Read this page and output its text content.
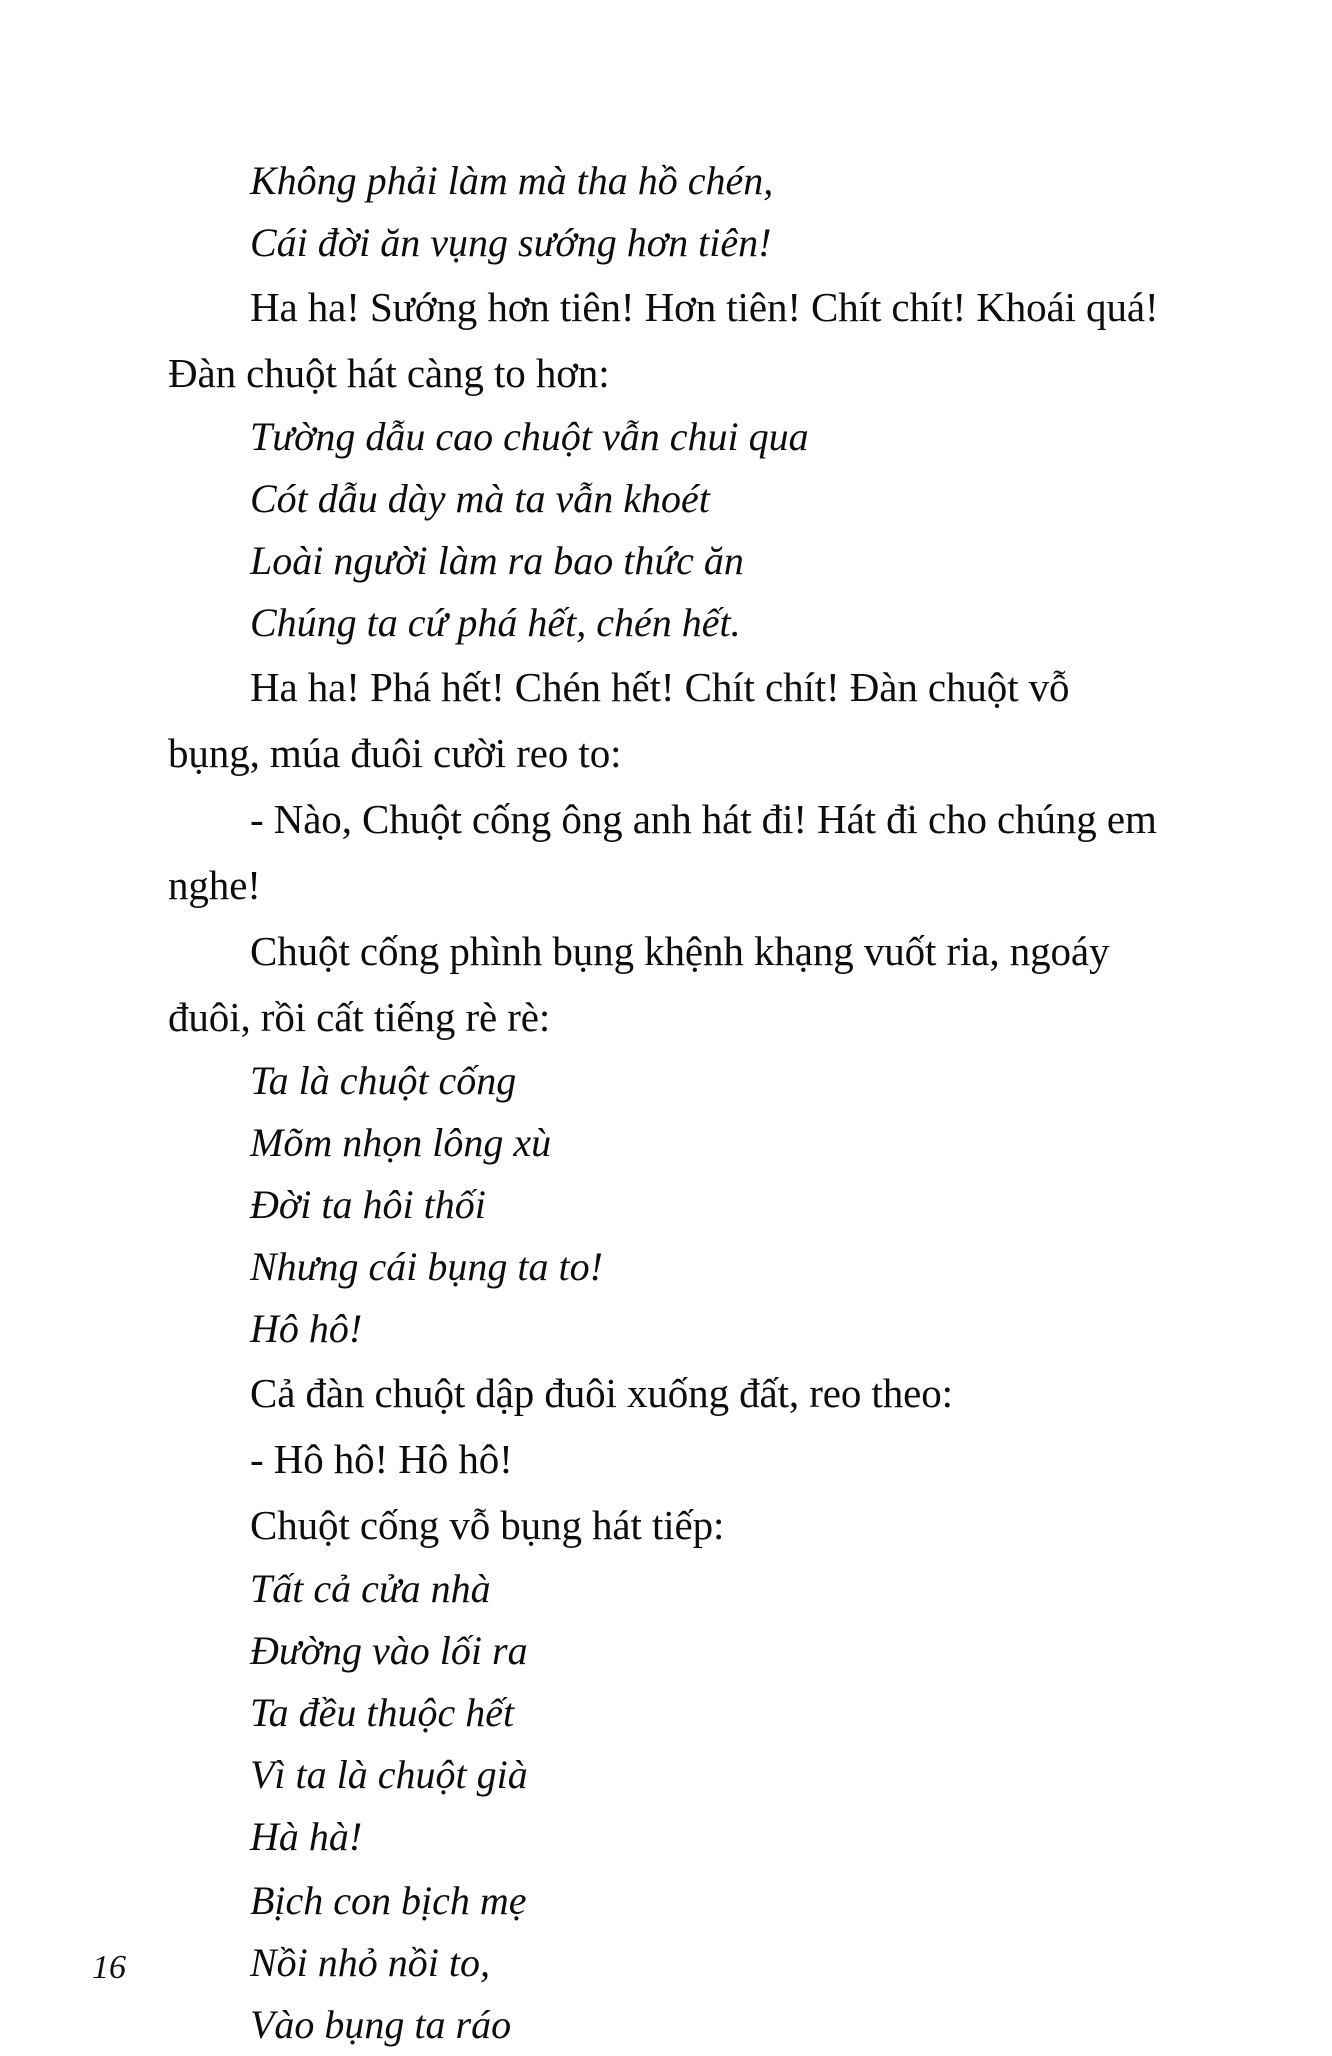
Không phải làm mà tha hồ chén,
Cái đời ăn vụng sướng hơn tiên!

Ha ha! Sướng hơn tiên! Hơn tiên! Chít chít! Khoái quá! Đàn chuột hát càng to hơn:

Tường dẫu cao chuột vẫn chui qua
Cót dẫu dày mà ta vẫn khoét
Loài người làm ra bao thức ăn
Chúng ta cứ phá hết, chén hết.

Ha ha! Phá hết! Chén hết! Chít chít! Đàn chuột vỗ bụng, múa đuôi cười reo to:

- Nào, Chuột cống ông anh hát đi! Hát đi cho chúng em nghe!

Chuột cống phình bụng khệnh khạng vuốt ria, ngoáy đuôi, rồi cất tiếng rè rè:

Ta là chuột cống
Mõm nhọn lông xù
Đời ta hôi thối
Nhưng cái bụng ta to!
Hô hô!

Cả đàn chuột dập đuôi xuống đất, reo theo:

- Hô hô! Hô hô!

Chuột cống vỗ bụng hát tiếp:

Tất cả cửa nhà
Đường vào lối ra
Ta đều thuộc hết
Vì ta là chuột già
Hà hà!
Bịch con bịch mẹ
Nồi nhỏ nồi to,
Vào bụng ta ráo
16
